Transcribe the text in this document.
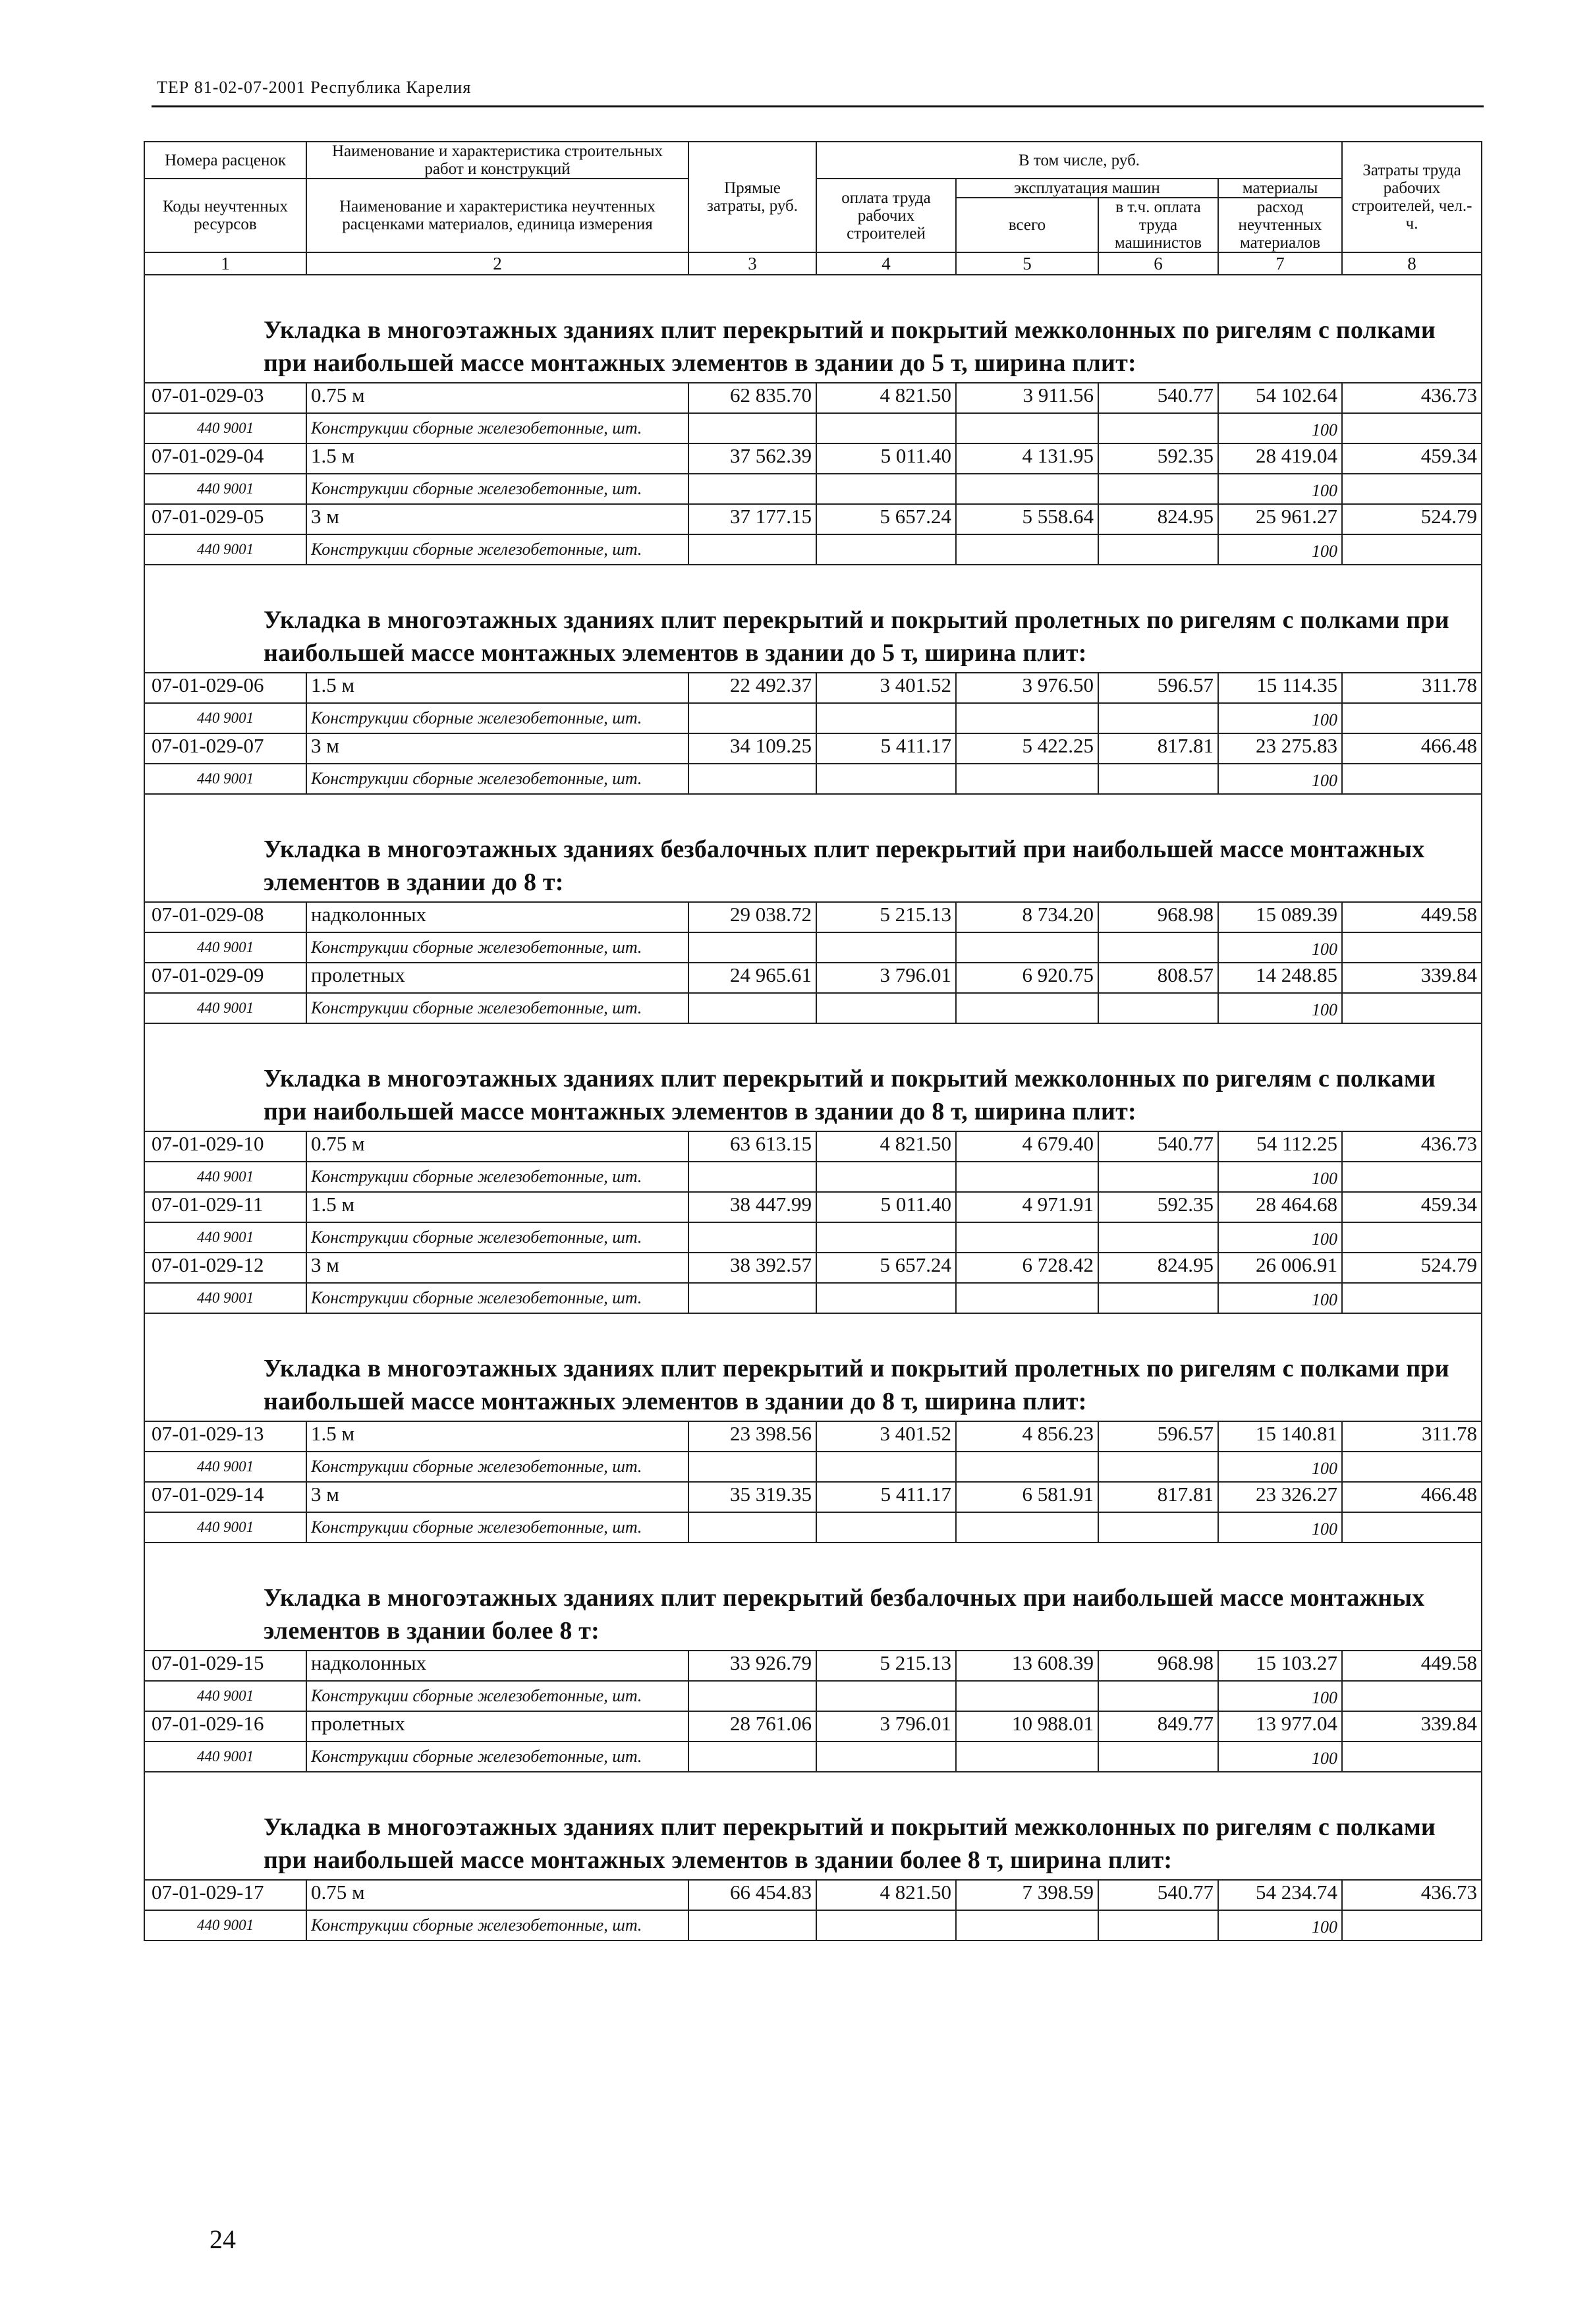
ТЕР 81-02-07-2001 Республика Карелия
Номера расценок	Наименование и характеристика строительных работ и конструкций	Прямые затраты, руб.	В том числе, руб.				Затраты труда рабочих строителей, чел.-ч.
Коды неучтенных ресурсов	Наименование и характеристика неучтенных расценками материалов, единица измерения		оплата труда рабочих строителей	эксплуатация машин		материалы	
				всего	в т.ч. оплата труда машинистов	расход неучтенных материалов	

1	2	3	4	5	6	7	8

Укладка в многоэтажных зданиях плит перекрытий и покрытий межколонных по ригелям с полками при наибольшей массе монтажных элементов в здании до 5 т, ширина плит:							

07-01-029-03	0.75 м	62 835.70	4 821.50	3 911.56	540.77	54 102.64	436.73
440 9001	Конструкции сборные железобетонные, шт.					100	
07-01-029-04	1.5 м	37 562.39	5 011.40	4 131.95	592.35	28 419.04	459.34
440 9001	Конструкции сборные железобетонные, шт.					100	
07-01-029-05	3 м	37 177.15	5 657.24	5 558.64	824.95	25 961.27	524.79
440 9001	Конструкции сборные железобетонные, шт.					100	

Укладка в многоэтажных зданиях плит перекрытий и покрытий пролетных по ригелям с полками при наибольшей массе монтажных элементов в здании до 5 т, ширина плит:							

07-01-029-06	1.5 м	22 492.37	3 401.52	3 976.50	596.57	15 114.35	311.78
440 9001	Конструкции сборные железобетонные, шт.					100	
07-01-029-07	3 м	34 109.25	5 411.17	5 422.25	817.81	23 275.83	466.48
440 9001	Конструкции сборные железобетонные, шт.					100	

Укладка в многоэтажных зданиях безбалочных плит перекрытий при наибольшей массе монтажных элементов в здании до 8 т:							

07-01-029-08	надколонных	29 038.72	5 215.13	8 734.20	968.98	15 089.39	449.58
440 9001	Конструкции сборные железобетонные, шт.					100	
07-01-029-09	пролетных	24 965.61	3 796.01	6 920.75	808.57	14 248.85	339.84
440 9001	Конструкции сборные железобетонные, шт.					100	

Укладка в многоэтажных зданиях плит перекрытий и покрытий межколонных по ригелям с полками при наибольшей массе монтажных элементов в здании до 8 т, ширина плит:							

07-01-029-10	0.75 м	63 613.15	4 821.50	4 679.40	540.77	54 112.25	436.73
440 9001	Конструкции сборные железобетонные, шт.					100	
07-01-029-11	1.5 м	38 447.99	5 011.40	4 971.91	592.35	28 464.68	459.34
440 9001	Конструкции сборные железобетонные, шт.					100	
07-01-029-12	3 м	38 392.57	5 657.24	6 728.42	824.95	26 006.91	524.79
440 9001	Конструкции сборные железобетонные, шт.					100	

Укладка в многоэтажных зданиях плит перекрытий и покрытий пролетных по ригелям с полками при наибольшей массе монтажных элементов в здании до 8 т, ширина плит:							

07-01-029-13	1.5 м	23 398.56	3 401.52	4 856.23	596.57	15 140.81	311.78
440 9001	Конструкции сборные железобетонные, шт.					100	
07-01-029-14	3 м	35 319.35	5 411.17	6 581.91	817.81	23 326.27	466.48
440 9001	Конструкции сборные железобетонные, шт.					100	

Укладка в многоэтажных зданиях плит перекрытий безбалочных при наибольшей массе монтажных элементов в здании более 8 т:							

07-01-029-15	надколонных	33 926.79	5 215.13	13 608.39	968.98	15 103.27	449.58
440 9001	Конструкции сборные железобетонные, шт.					100	
07-01-029-16	пролетных	28 761.06	3 796.01	10 988.01	849.77	13 977.04	339.84
440 9001	Конструкции сборные железобетонные, шт.					100	

Укладка в многоэтажных зданиях плит перекрытий и покрытий межколонных по ригелям с полками при наибольшей массе монтажных элементов в здании более 8 т, ширина плит:							

07-01-029-17	0.75 м	66 454.83	4 821.50	7 398.59	540.77	54 234.74	436.73
440 9001	Конструкции сборные железобетонные, шт.					100	
24
